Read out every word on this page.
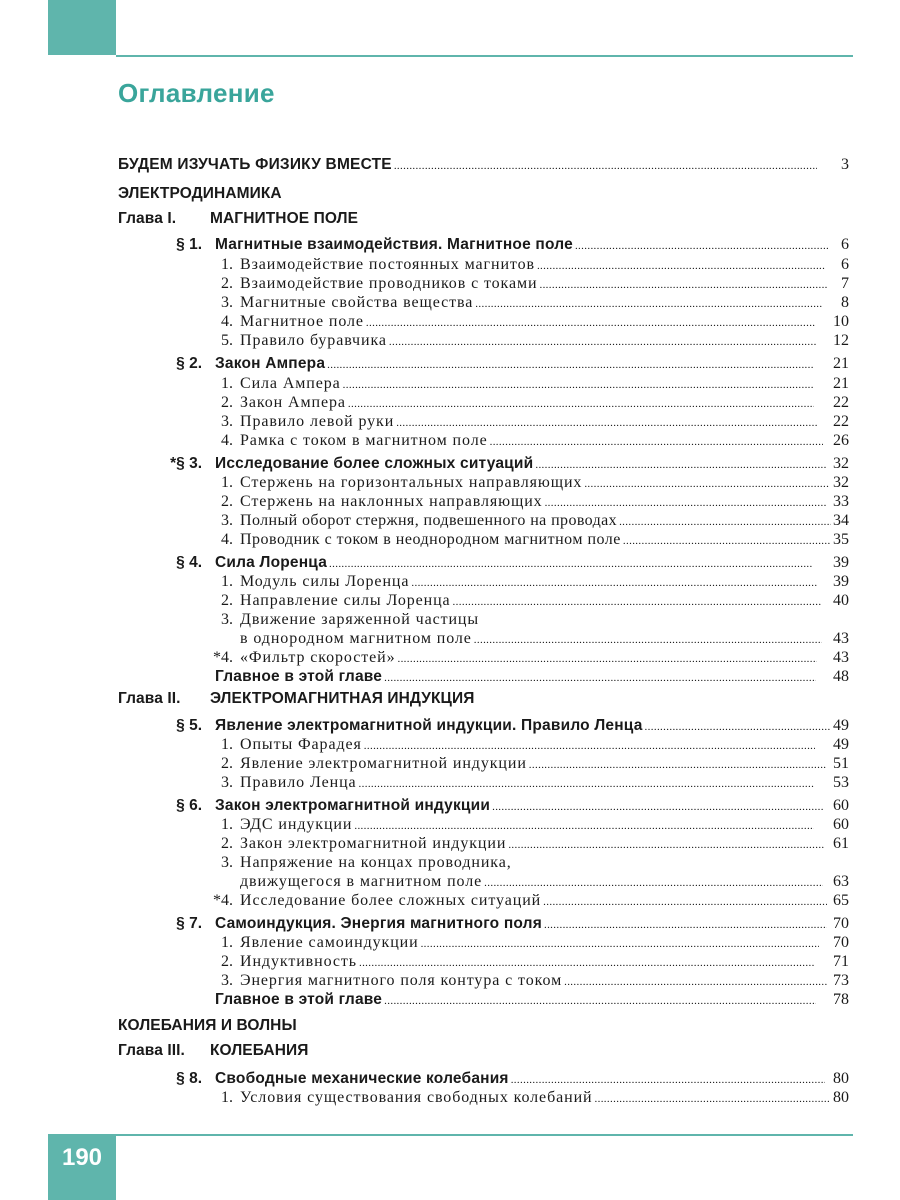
Оглавление
БУДЕМ ИЗУЧАТЬ ФИЗИКУ ВМЕСТЕ . . .	3
ЭЛЕКТРОДИНАМИКА
Глава I. МАГНИТНОЕ ПОЛЕ
§ 1. Магнитные взаимодействия. Магнитное поле . . .	6
1. Взаимодействие постоянных магнитов . . .	6
2. Взаимодействие проводников с токами . . .	7
3. Магнитные свойства вещества . . .	8
4. Магнитное поле . . .	10
5. Правило буравчика . . .	12
§ 2. Закон Ампера . . .	21
1. Сила Ампера . . .	21
2. Закон Ампера . . .	22
3. Правило левой руки . . .	22
4. Рамка с током в магнитном поле . . .	26
*§ 3. Исследование более сложных ситуаций . . .	32
1. Стержень на горизонтальных направляющих . . .	32
2. Стержень на наклонных направляющих . . .	33
3. Полный оборот стержня, подвешенного на проводах . . .	34
4. Проводник с током в неоднородном магнитном поле . . .	35
§ 4. Сила Лоренца . . .	39
1. Модуль силы Лоренца . . .	39
2. Направление силы Лоренца . . .	40
3. Движение заряженной частицы
в однородном магнитном поле . . .	43
*4. «Фильтр скоростей» . . .	43
Главное в этой главе . . .	48
Глава II. ЭЛЕКТРОМАГНИТНАЯ ИНДУКЦИЯ
§ 5. Явление электромагнитной индукции. Правило Ленца . . .	49
1. Опыты Фарадея . . .	49
2. Явление электромагнитной индукции . . .	51
3. Правило Ленца . . .	53
§ 6. Закон электромагнитной индукции . . .	60
1. ЭДС индукции . . .	60
2. Закон электромагнитной индукции . . .	61
3. Напряжение на концах проводника,
движущегося в магнитном поле . . .	63
*4. Исследование более сложных ситуаций . . .	65
§ 7. Самоиндукция. Энергия магнитного поля . . .	70
1. Явление самоиндукции . . .	70
2. Индуктивность . . .	71
3. Энергия магнитного поля контура с током . . .	73
Главное в этой главе . . .	78
КОЛЕБАНИЯ И ВОЛНЫ
Глава III. КОЛЕБАНИЯ
§ 8. Свободные механические колебания . . .	80
1. Условия существования свободных колебаний . . .	80
190
